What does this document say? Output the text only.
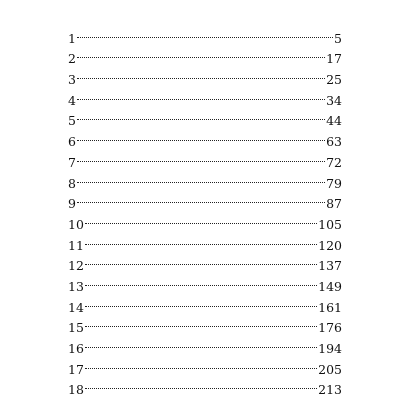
1	5
2	17
3	25
4	34
5	44
6	63
7	72
8	79
9	87
10	105
11	120
12	137
13	149
14	161
15	176
16	194
17	205
18	213
